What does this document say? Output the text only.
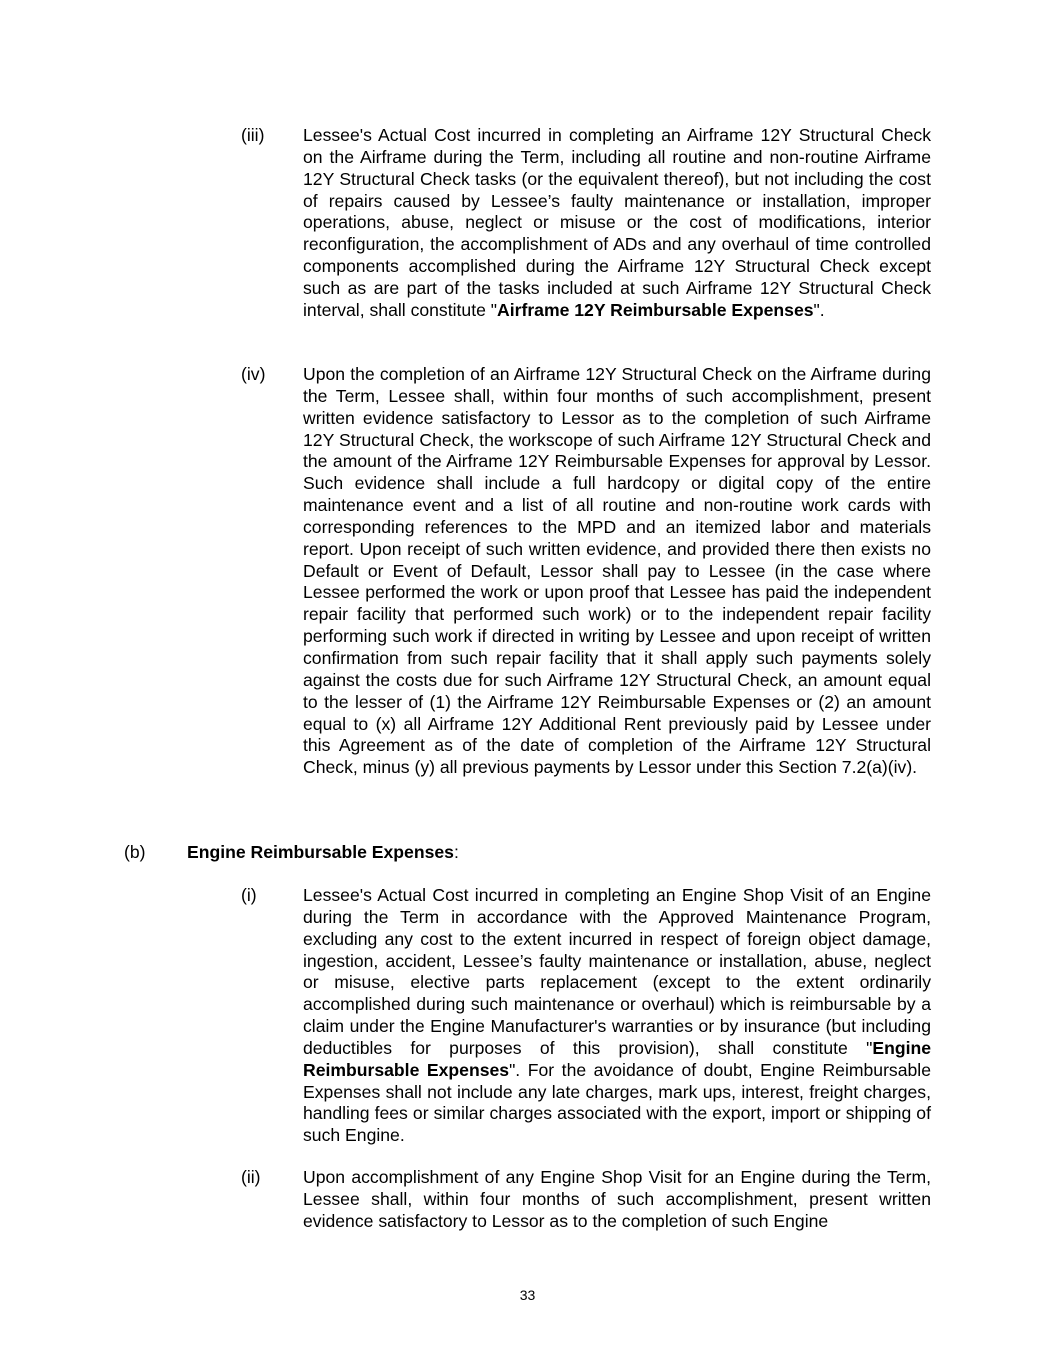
(iii) Lessee's Actual Cost incurred in completing an Airframe 12Y Structural Check on the Airframe during the Term, including all routine and non-routine Airframe 12Y Structural Check tasks (or the equivalent thereof), but not including the cost of repairs caused by Lessee’s faulty maintenance or installation, improper operations, abuse, neglect or misuse or the cost of modifications, interior reconfiguration, the accomplishment of ADs and any overhaul of time controlled components accomplished during the Airframe 12Y Structural Check except such as are part of the tasks included at such Airframe 12Y Structural Check interval, shall constitute "Airframe 12Y Reimbursable Expenses".
(iv) Upon the completion of an Airframe 12Y Structural Check on the Airframe during the Term, Lessee shall, within four months of such accomplishment, present written evidence satisfactory to Lessor as to the completion of such Airframe 12Y Structural Check, the workscope of such Airframe 12Y Structural Check and the amount of the Airframe 12Y Reimbursable Expenses for approval by Lessor. Such evidence shall include a full hardcopy or digital copy of the entire maintenance event and a list of all routine and non-routine work cards with corresponding references to the MPD and an itemized labor and materials report. Upon receipt of such written evidence, and provided there then exists no Default or Event of Default, Lessor shall pay to Lessee (in the case where Lessee performed the work or upon proof that Lessee has paid the independent repair facility that performed such work) or to the independent repair facility performing such work if directed in writing by Lessee and upon receipt of written confirmation from such repair facility that it shall apply such payments solely against the costs due for such Airframe 12Y Structural Check, an amount equal to the lesser of (1) the Airframe 12Y Reimbursable Expenses or (2) an amount equal to (x) all Airframe 12Y Additional Rent previously paid by Lessee under this Agreement as of the date of completion of the Airframe 12Y Structural Check, minus (y) all previous payments by Lessor under this Section 7.2(a)(iv).
(b) Engine Reimbursable Expenses:
(i)	Lessee's Actual Cost incurred in completing an Engine Shop Visit of an Engine during the Term in accordance with the Approved Maintenance Program, excluding any cost to the extent incurred in respect of foreign object damage, ingestion, accident, Lessee’s faulty maintenance or installation, abuse, neglect or misuse, elective parts replacement (except to the extent ordinarily accomplished during such maintenance or overhaul) which is reimbursable by a claim under the Engine Manufacturer's warranties or by insurance (but including deductibles for purposes of this provision), shall constitute "Engine Reimbursable Expenses". For the avoidance of doubt, Engine Reimbursable Expenses shall not include any late charges, mark ups, interest, freight charges, handling fees or similar charges associated with the export, import or shipping of such Engine.
(ii) Upon accomplishment of any Engine Shop Visit for an Engine during the Term, Lessee shall, within four months of such accomplishment, present written evidence satisfactory to Lessor as to the completion of such Engine
33
